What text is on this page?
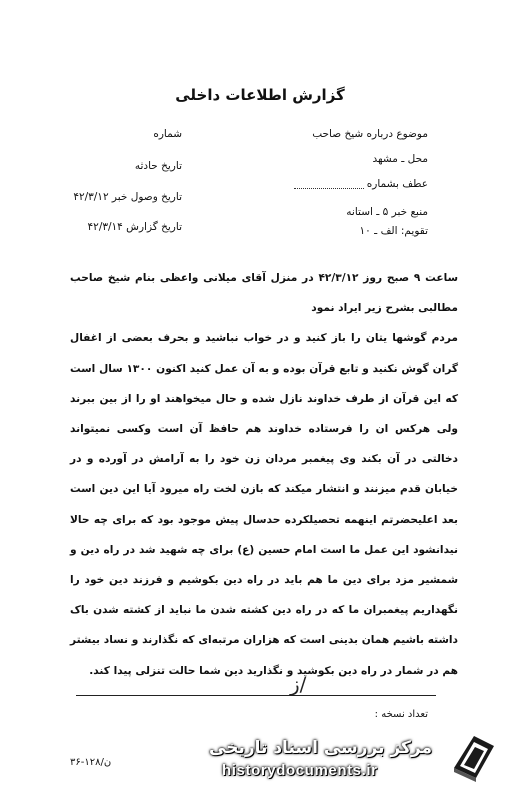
گزارش اطلاعات داخلی
موضوع درباره شیخ صاحب
محل ـ مشهد
عطف بشماره
منبع خبر ۵ ـ استانه
تقویم: الف ـ ۱۰
شماره
تاریخ حادثه
تاریخ وصول خبر ۴۲/۳/۱۲
تاریخ گزارش ۴۲/۳/۱۴

ساعت ۹ صبح روز ۴۲/۳/۱۲ در منزل آقای میلانی واعظی بنام شیخ صاحب مطالبی بشرح زیر ایراد نمود

مردم گوشها یتان را باز کنید و در خواب نباشید و بحرف بعضی از اغفال گران گوش نکنید و تابع قرآن بوده و به آن عمل کنید اکنون ۱۳۰۰ سال است که این قرآن از طرف خداوند نازل شده و حال میخواهند او را از بین ببرند ولی هرکس ان را فرستاده خداوند هم حافظ آن است وکسی نمیتواند دخالتی در آن بکند وی پیغمبر مردان زن خود را به آرامش در آورده و در خیابان قدم میزنند و انتشار میکند که بازن لخت راه میرود آیا این دین است بعد اعلیحضرتم اینهمه تحصیلکرده حدسال پیش موجود بود که برای چه حالا نیدانشود این عمل ما است امام حسین (ع) برای چه شهید شد در راه دین و شمشیر مزد برای دین ما هم باید در راه دین بکوشیم و فرزند دین خود را نگهداریم پیغمبران ما که در راه دین کشته شدن ما نباید از کشته شدن باک داشته باشیم همان بدینی است که هزاران مرتبه‌ای که نگذارند و نساد بیشتر هم در شمار در راه دین بکوشید و نگذارید دین شما حالت تنزلی پیدا کند.

ز/
تعداد نسخه :
۳۶-۱۲۸/ن
مرکز بررسی اسناد تاریخی
historydocuments.ir
